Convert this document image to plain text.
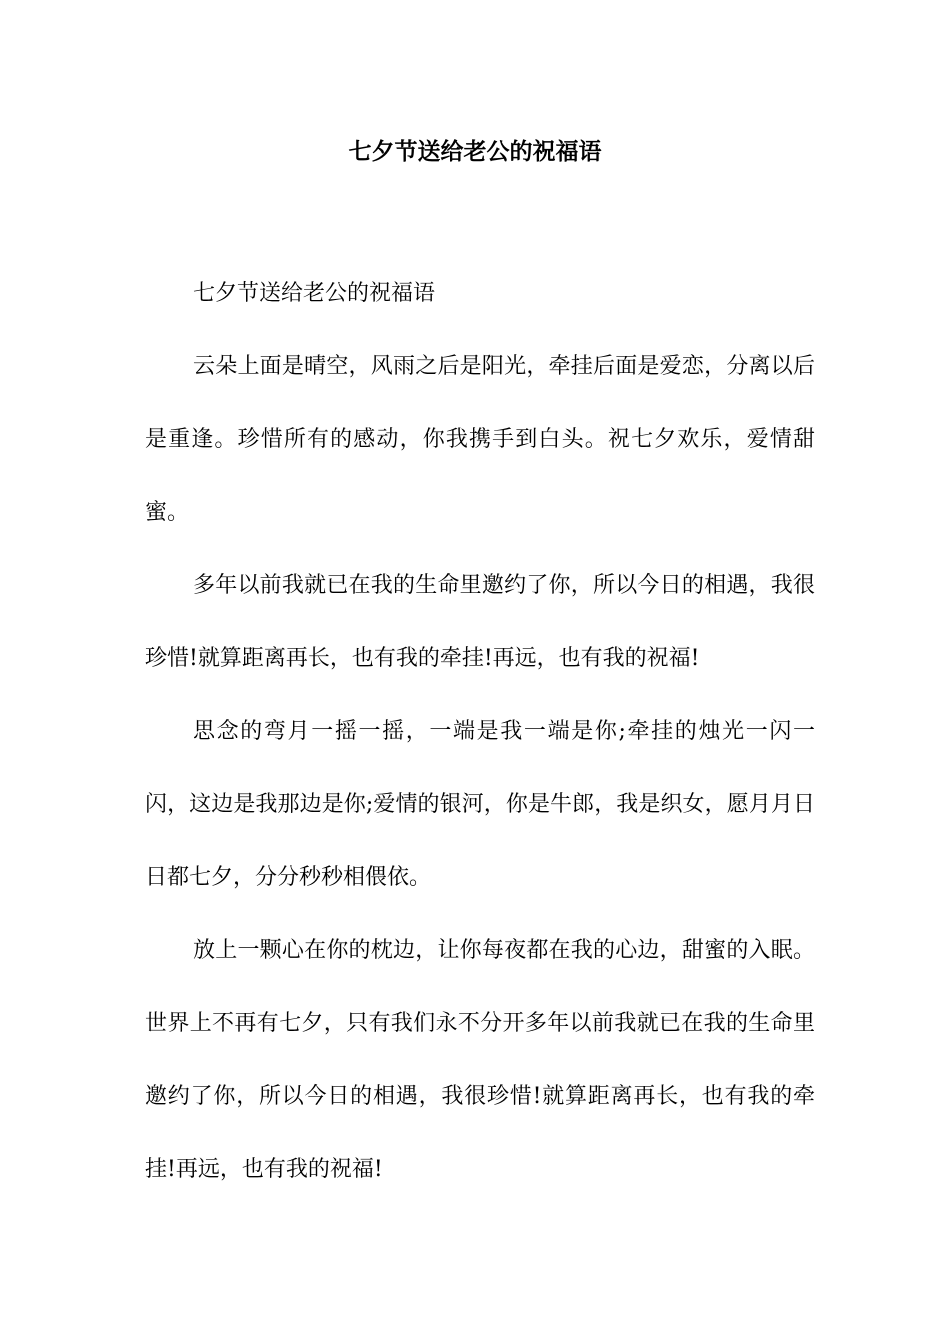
七夕节送给老公的祝福语

七夕节送给老公的祝福语

云朵上面是晴空，风雨之后是阳光，牵挂后面是爱恋，分离以后是重逢。珍惜所有的感动，你我携手到白头。祝七夕欢乐，爱情甜蜜。

多年以前我就已在我的生命里邀约了你，所以今日的相遇，我很珍惜!就算距离再长，也有我的牵挂!再远，也有我的祝福!

思念的弯月一摇一摇，一端是我一端是你;牵挂的烛光一闪一闪，这边是我那边是你;爱情的银河，你是牛郎，我是织女，愿月月日日都七夕，分分秒秒相偎依。

放上一颗心在你的枕边，让你每夜都在我的心边，甜蜜的入眠。世界上不再有七夕，只有我们永不分开多年以前我就已在我的生命里邀约了你，所以今日的相遇，我很珍惜!就算距离再长，也有我的牵挂!再远，也有我的祝福!
